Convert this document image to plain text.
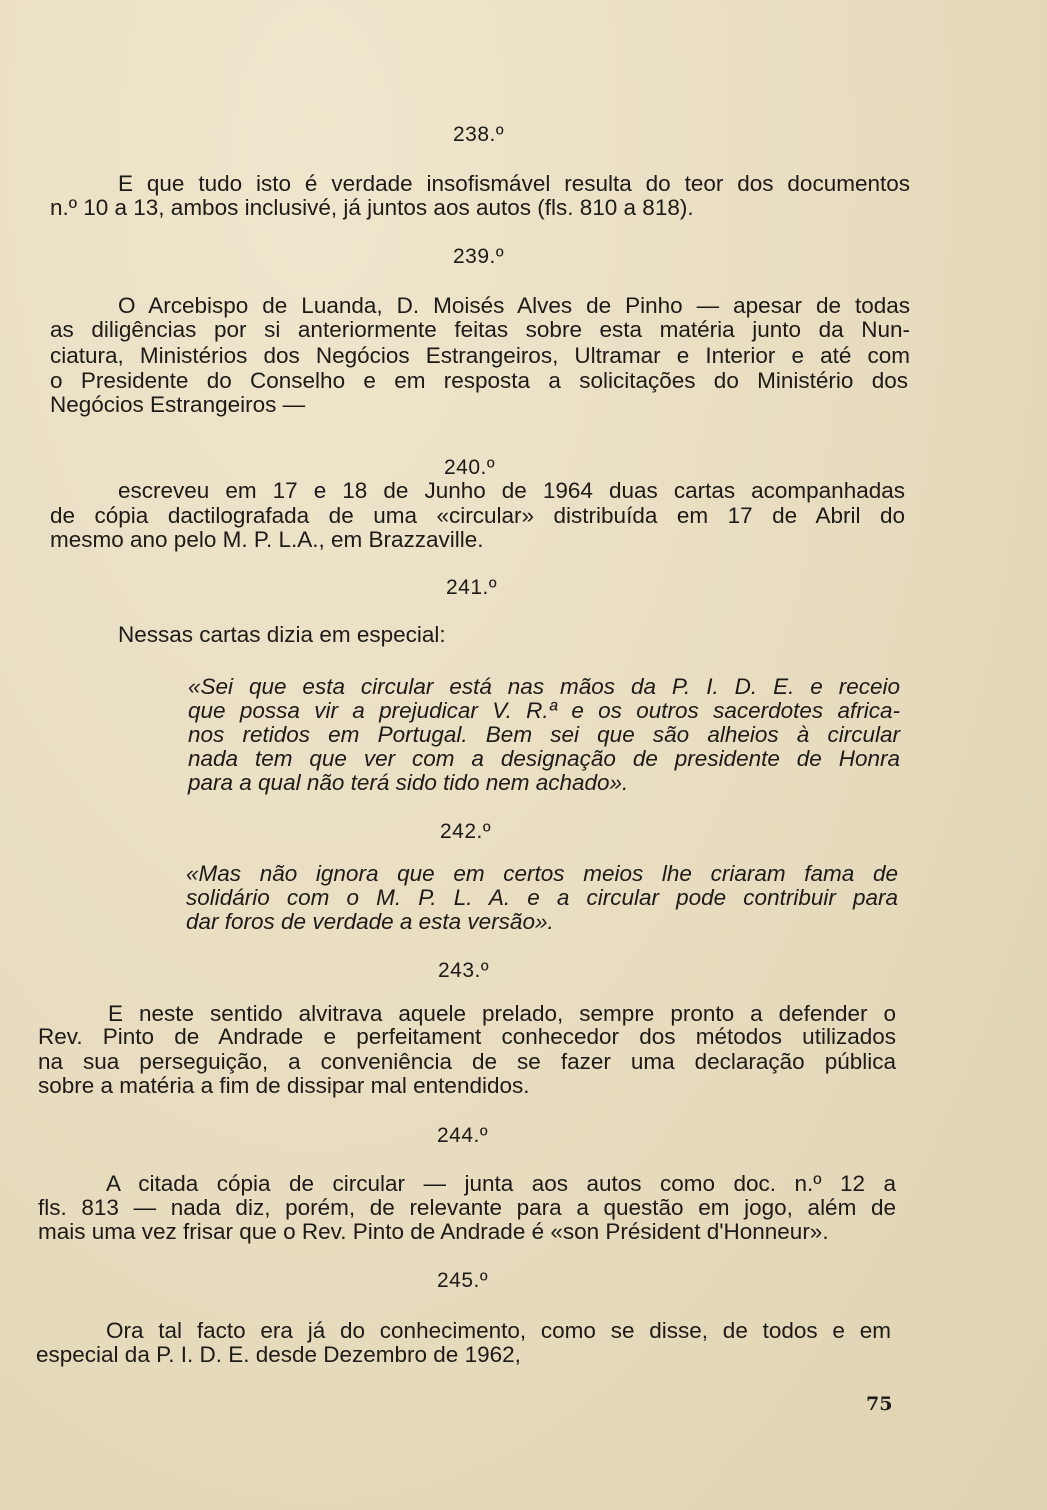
238.º
E que tudo isto é verdade insofismável resulta do teor dos documentos
n.º 10 a 13, ambos inclusivé, já juntos aos autos (fls. 810 a 818).
239.º
O Arcebispo de Luanda, D. Moisés Alves de Pinho — apesar de todas
as diligências por si anteriormente feitas sobre esta matéria junto da Nun-
ciatura, Ministérios dos Negócios Estrangeiros, Ultramar e Interior e até com
o Presidente do Conselho e em resposta a solicitações do Ministério dos
Negócios Estrangeiros —
240.º
escreveu em 17 e 18 de Junho de 1964 duas cartas acompanhadas
de cópia dactilografada de uma «circular» distribuída em 17 de Abril do
mesmo ano pelo M. P. L.A., em Brazzaville.
241.º
Nessas cartas dizia em especial:
«Sei que esta circular está nas mãos da P. I. D. E. e receio
que possa vir a prejudicar V. R.ª e os outros sacerdotes africa-
nos retidos em Portugal. Bem sei que são alheios à circular
nada tem que ver com a designação de presidente de Honra
para a qual não terá sido tido nem achado».
242.º
«Mas não ignora que em certos meios lhe criaram fama de
solidário com o M. P. L. A. e a circular pode contribuir para
dar foros de verdade a esta versão».
243.º
E neste sentido alvitrava aquele prelado, sempre pronto a defender o
Rev. Pinto de Andrade e perfeitament conhecedor dos métodos utilizados
na sua perseguição, a conveniência de se fazer uma declaração pública
sobre a matéria a fim de dissipar mal entendidos.
244.º
A citada cópia de circular — junta aos autos como doc. n.º 12 a
fls. 813 — nada diz, porém, de relevante para a questão em jogo, além de
mais uma vez frisar que o Rev. Pinto de Andrade é «son Président d'Honneur».
245.º
Ora tal facto era já do conhecimento, como se disse, de todos e em
especial da P. I. D. E. desde Dezembro de 1962,
75
